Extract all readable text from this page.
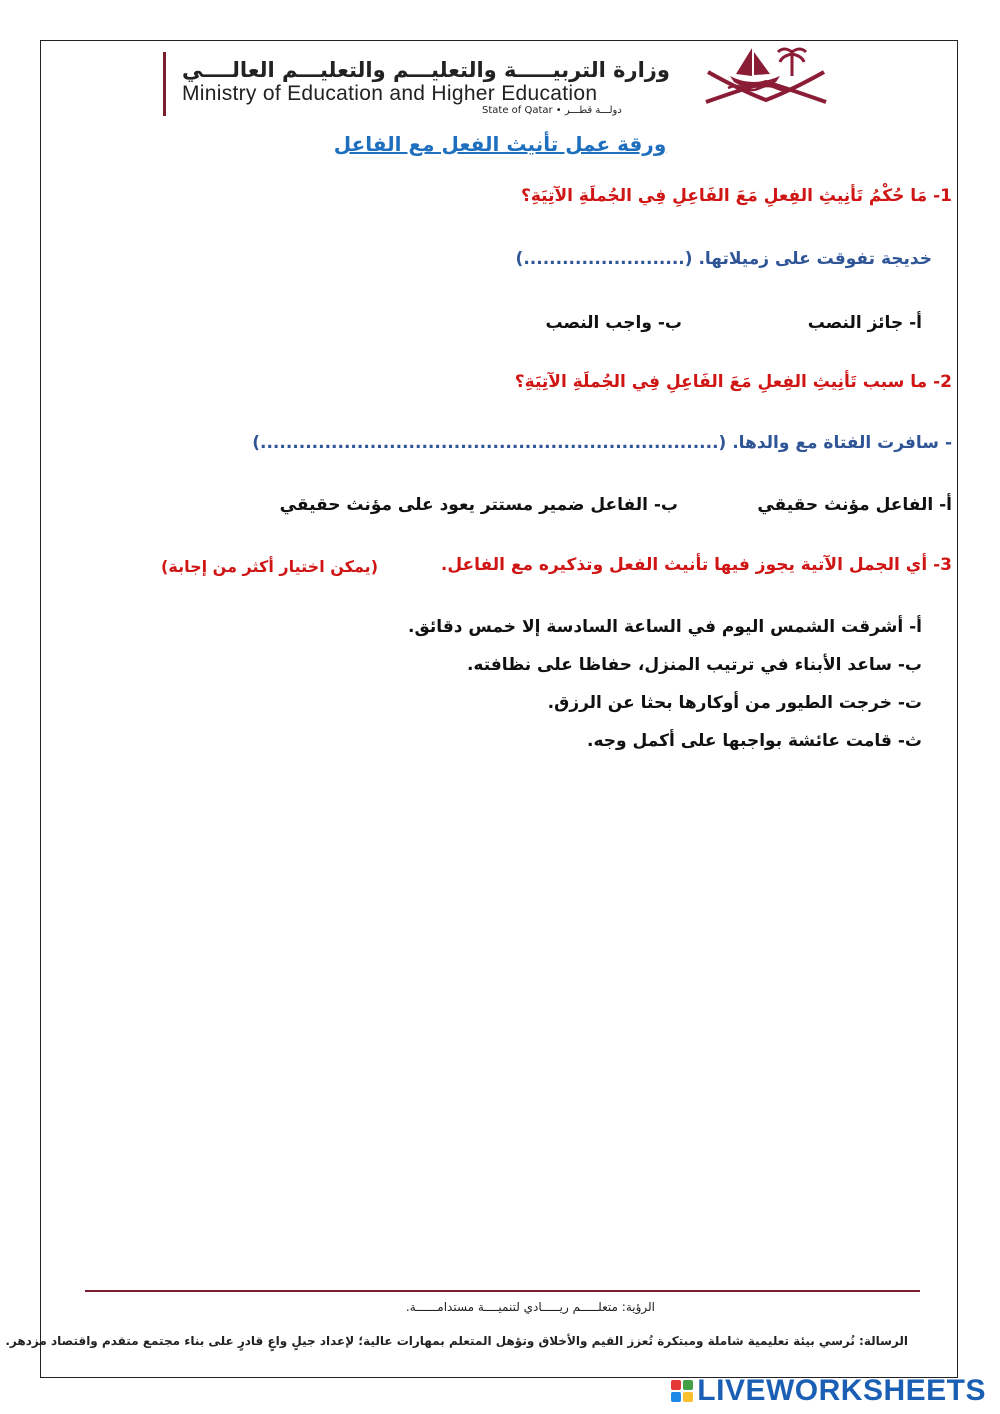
وزارة التربيـــــة والتعليـــم والتعليـــم العالــــي
Ministry of Education and Higher Education
State of Qatar • دولـــة قطـــر
ورقة عمل تأنيث الفعل مع الفاعل
1- مَا حُكْمُ تَأنِيثِ الفِعلِ مَعَ الفَاعِلِ فِي الجُملَةِ الآتِيَةِ؟
خديجة تفوقت على زميلاتها. (.........................)
أ- جائز النصب
ب- واجب النصب
2- ما سبب تَأنِيثِ الفِعلِ مَعَ الفَاعِلِ فِي الجُملَةِ الآتِيَةِ؟
- سافرت الفتاة مع والدها. (.......................................................................)
أ- الفاعل مؤنث حقيقي
ب- الفاعل ضمير مستتر يعود على مؤنث حقيقي
3- أي الجمل الآتية يجوز فيها تأنيث الفعل وتذكيره مع الفاعل.
(يمكن اختيار أكثر من إجابة)
أ- أشرقت الشمس اليوم في الساعة السادسة إلا خمس دقائق.
ب- ساعد الأبناء في ترتيب المنزل، حفاظا على نظافته.
ت- خرجت الطيور من أوكارها بحثا عن الرزق.
ث- قامت عائشة بواجبها على أكمل وجه.
الرؤية: متعلـــــم ريـــــادي لتنميــــة مستدامــــــة.
الرسالة: نُرسي بيئة تعليمية شاملة ومبتكرة تُعزز القيم والأخلاق وتؤهل المتعلم بمهارات عالية؛ لإعداد جيلٍ واعٍ قادرٍ على بناء مجتمع متقدم واقتصاد مزدهر.
LIVEWORKSHEETS
